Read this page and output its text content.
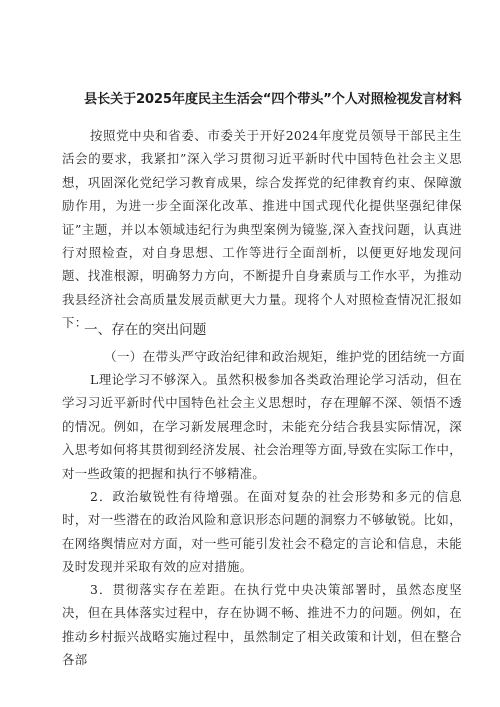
县长关于2025年度民主生活会“四个带头”个人对照检视发言材料

按照党中央和省委、市委关于开好2024年度党员领导干部民主生活会的要求，我紧扣”深入学习贯彻习近平新时代中国特色社会主义思想，巩固深化党纪学习教育成果，综合发挥党的纪律教育约束、保障激励作用，为进一步全面深化改革、推进中国式现代化提供坚强纪律保证”主题，并以本领域违纪行为典型案例为镜鉴,深入查找问题，认真进行对照检查，对自身思想、工作等进行全面剖析，以便更好地发现问题、找准根源，明确努力方向，不断提升自身素质与工作水平，为推动我县经济社会高质量发展贡献更大力量。现将个人对照检查情况汇报如下：

一、存在的突出问题
（一）在带头严守政治纪律和政治规矩，维护党的团结统一方面

L理论学习不够深入。虽然积极参加各类政治理论学习活动，但在学习习近平新时代中国特色社会主义思想时，存在理解不深、领悟不透的情况。例如，在学习新发展理念时，未能充分结合我县实际情况，深入思考如何将其贯彻到经济发展、社会治理等方面,导致在实际工作中，对一些政策的把握和执行不够精准。

2．政治敏锐性有待增强。在面对复杂的社会形势和多元的信息时，对一些潜在的政治风险和意识形态问题的洞察力不够敏锐。比如，在网络舆情应对方面，对一些可能引发社会不稳定的言论和信息，未能及时发现并采取有效的应对措施。

3．贯彻落实存在差距。在执行党中央决策部署时，虽然态度坚决，但在具体落实过程中，存在协调不畅、推进不力的问题。例如，在推动乡村振兴战略实施过程中，虽然制定了相关政策和计划，但在整合各部
